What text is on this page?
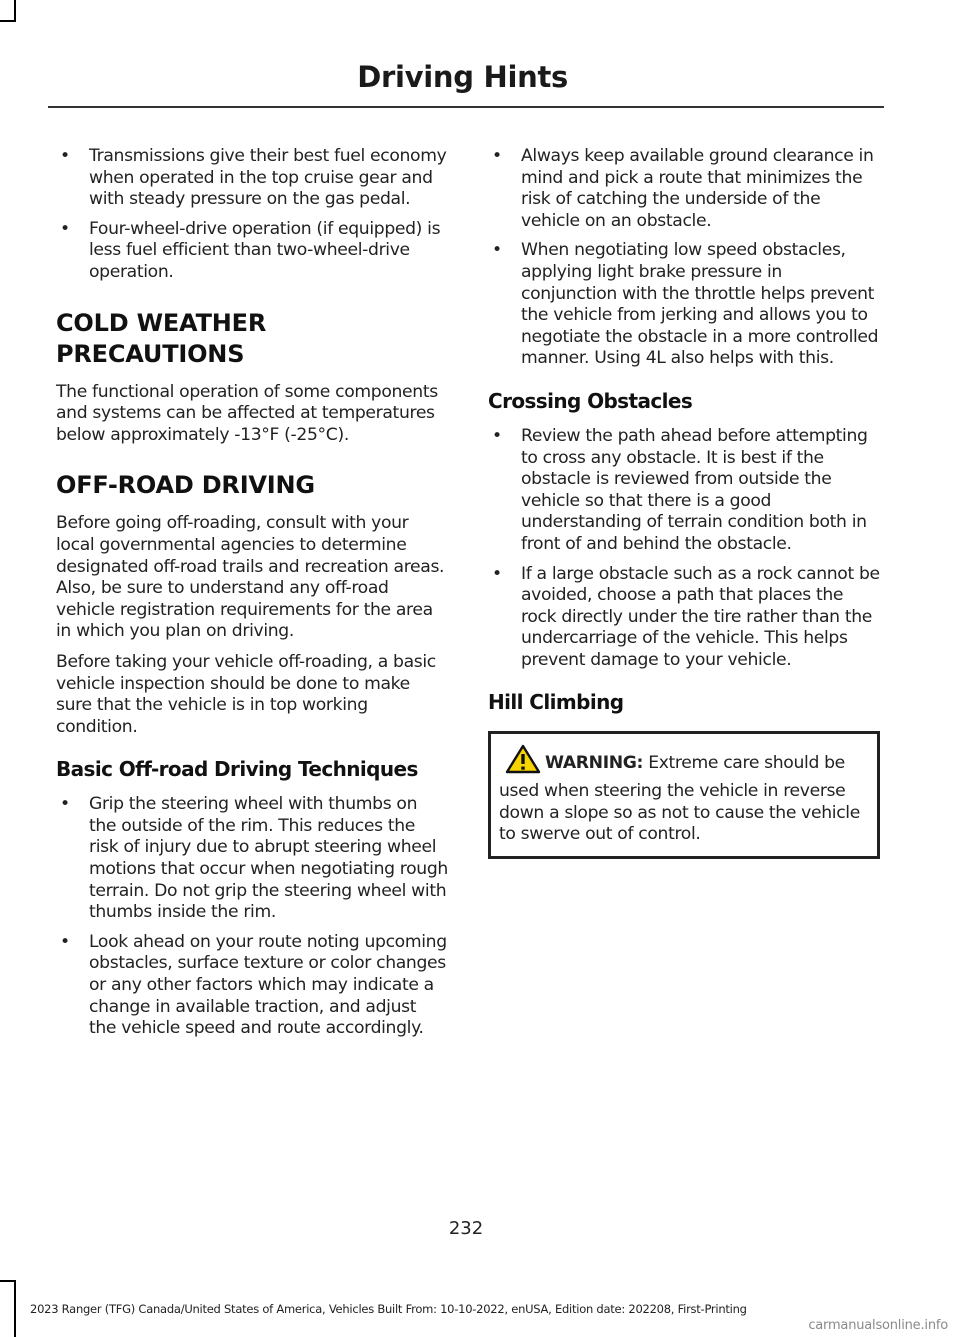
Driving Hints
• Transmissions give their best fuel economy when operated in the top cruise gear and with steady pressure on the gas pedal.
• Four-wheel-drive operation (if equipped) is less fuel efficient than two-wheel-drive operation.
COLD WEATHER
PRECAUTIONS

The functional operation of some components and systems can be affected at temperatures below approximately -13°F (-25°C).

OFF-ROAD DRIVING

Before going off-roading, consult with your local governmental agencies to determine designated off-road trails and recreation areas. Also, be sure to understand any off-road vehicle registration requirements for the area in which you plan on driving.

Before taking your vehicle off-roading, a basic vehicle inspection should be done to make sure that the vehicle is in top working condition.

Basic Off-road Driving Techniques
• Grip the steering wheel with thumbs on the outside of the rim. This reduces the risk of injury due to abrupt steering wheel motions that occur when negotiating rough terrain. Do not grip the steering wheel with thumbs inside the rim.
• Look ahead on your route noting upcoming obstacles, surface texture or color changes or any other factors which may indicate a change in available traction, and adjust the vehicle speed and route accordingly.
• Always keep available ground clearance in mind and pick a route that minimizes the risk of catching the underside of the vehicle on an obstacle.
• When negotiating low speed obstacles, applying light brake pressure in conjunction with the throttle helps prevent the vehicle from jerking and allows you to negotiate the obstacle in a more controlled manner. Using 4L also helps with this.
Crossing Obstacles
• Review the path ahead before attempting to cross any obstacle. It is best if the obstacle is reviewed from outside the vehicle so that there is a good understanding of terrain condition both in front of and behind the obstacle.
• If a large obstacle such as a rock cannot be avoided, choose a path that places the rock directly under the tire rather than the undercarriage of the vehicle. This helps prevent damage to your vehicle.
Hill Climbing
WARNING: Extreme care should be used when steering the vehicle in reverse down a slope so as not to cause the vehicle to swerve out of control.
232
2023 Ranger (TFG) Canada/United States of America, Vehicles Built From: 10-10-2022, enUSA, Edition date: 202208, First-Printing
carmanualsonline.info
